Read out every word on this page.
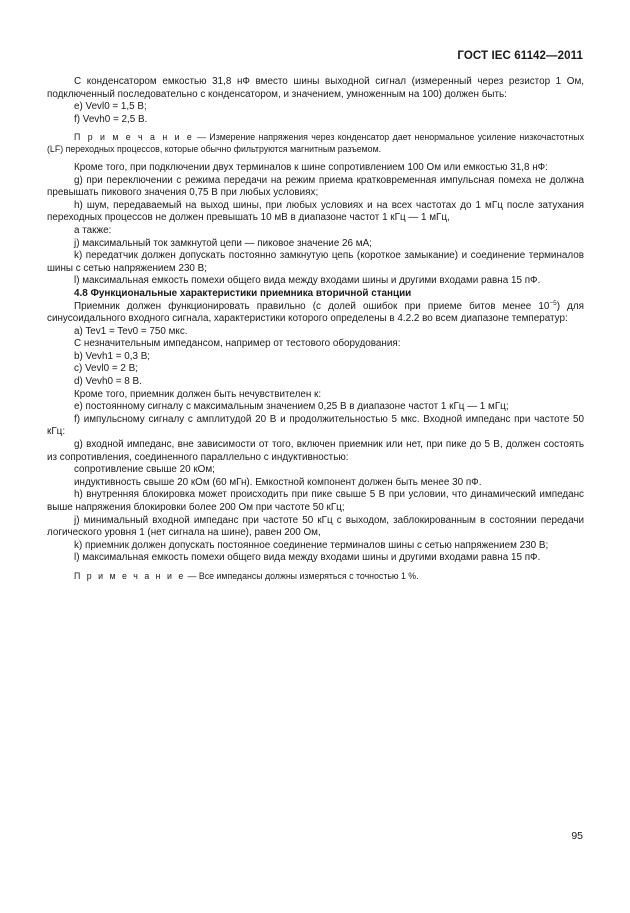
ГОСТ IEC 61142—2011

С конденсатором емкостью 31,8 нФ вместо шины выходной сигнал (измеренный через резистор 1 Ом, подключенный последовательно с конденсатором, и значением, умноженным на 100) должен быть:

e) Vevl0 = 1,5 В;

f) Vevh0 = 2,5 В.

П р и м е ч а н и е — Измерение напряжения через конденсатор дает ненормальное усиление низкочастотных (LF) переходных процессов, которые обычно фильтруются магнитным разъемом.

Кроме того, при подключении двух терминалов к шине сопротивлением 100 Ом или емкостью 31,8 нФ:

g) при переключении с режима передачи на режим приема кратковременная импульсная помеха не должна превышать пикового значения 0,75 В при любых условиях;

h) шум, передаваемый на выход шины, при любых условиях и на всех частотах до 1 мГц после затухания переходных процессов не должен превышать 10 мВ в диапазоне частот 1 кГц — 1 мГц,

а также:

j) максимальный ток замкнутой цепи — пиковое значение 26 мА;

k) передатчик должен допускать постоянно замкнутую цепь (короткое замыкание) и соединение терминалов шины с сетью напряжением 230 В;

l) максимальная емкость помехи общего вида между входами шины и другими входами равна 15 пФ.

4.8 Функциональные характеристики приемника вторичной станции

Приемник должен функционировать правильно (с долей ошибок при приеме битов менее $10^{-5}$) для синусоидального входного сигнала, характеристики которого определены в 4.2.2 во всем диапазоне температур:

a) Tev1 = Tev0 = 750 мкс.

С незначительным импедансом, например от тестового оборудования:

b) Vevh1 = 0,3 В;

c) Vevl0 = 2 В;

d) Vevh0 = 8 В.

Кроме того, приемник должен быть нечувствителен к:

e) постоянному сигналу с максимальным значением 0,25 В в диапазоне частот 1 кГц — 1 мГц;

f) импульсному сигналу с амплитудой 20 В и продолжительностью 5 мкс. Входной импеданс при частоте 50 кГц:

g) входной импеданс, вне зависимости от того, включен приемник или нет, при пике до 5 В, должен состоять из сопротивления, соединенного параллельно с индуктивностью:

сопротивление свыше 20 кОм;

индуктивность свыше 20 кОм (60 мГн). Емкостной компонент должен быть менее 30 пФ.

h) внутренняя блокировка может происходить при пике свыше 5 В при условии, что динамический импеданс выше напряжения блокировки более 200 Ом при частоте 50 кГц;

j) минимальный входной импеданс при частоте 50 кГц с выходом, заблокированным в состоянии передачи логического уровня 1 (нет сигнала на шине), равен 200 Ом,

k) приемник должен допускать постоянное соединение терминалов шины с сетью напряжением 230 В;

l) максимальная емкость помехи общего вида между входами шины и другими входами равна 15 пФ.

П р и м е ч а н и е — Все импедансы должны измеряться с точностью 1 %.

95
